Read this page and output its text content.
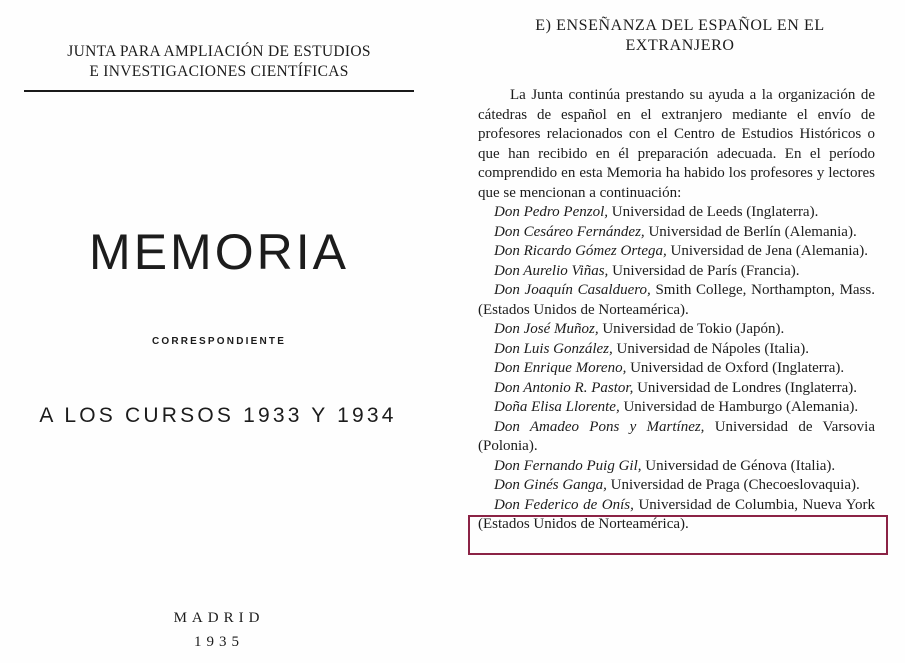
JUNTA PARA AMPLIACIÓN DE ESTUDIOS
E INVESTIGACIONES CIENTÍFICAS
MEMORIA
CORRESPONDIENTE
A LOS CURSOS 1933 Y 1934
MADRID
1935
E) ENSEÑANZA DEL ESPAÑOL EN EL
EXTRANJERO

La Junta continúa prestando su ayuda a la organización de cátedras de español en el extranjero mediante el envío de profesores relacionados con el Centro de Estudios Históricos o que han recibido en él preparación adecuada. En el período comprendido en esta Memoria ha habido los profesores y lectores que se mencionan a continuación:

Don Pedro Penzol, Universidad de Leeds (Inglaterra).

Don Cesáreo Fernández, Universidad de Berlín (Alemania).

Don Ricardo Gómez Ortega, Universidad de Jena (Alemania).

Don Aurelio Viñas, Universidad de París (Francia).

Don Joaquín Casalduero, Smith College, Northampton, Mass. (Estados Unidos de Norteamérica).

Don José Muñoz, Universidad de Tokio (Japón).

Don Luis González, Universidad de Nápoles (Italia).

Don Enrique Moreno, Universidad de Oxford (Inglaterra).

Don Antonio R. Pastor, Universidad de Londres (Inglaterra).

Doña Elisa Llorente, Universidad de Hamburgo (Alemania).

Don Amadeo Pons y Martínez, Universidad de Varsovia (Polonia).

Don Fernando Puig Gil, Universidad de Génova (Italia).

Don Ginés Ganga, Universidad de Praga (Checoeslovaquia).

Don Federico de Onís, Universidad de Columbia, Nueva York (Estados Unidos de Norteamérica).
